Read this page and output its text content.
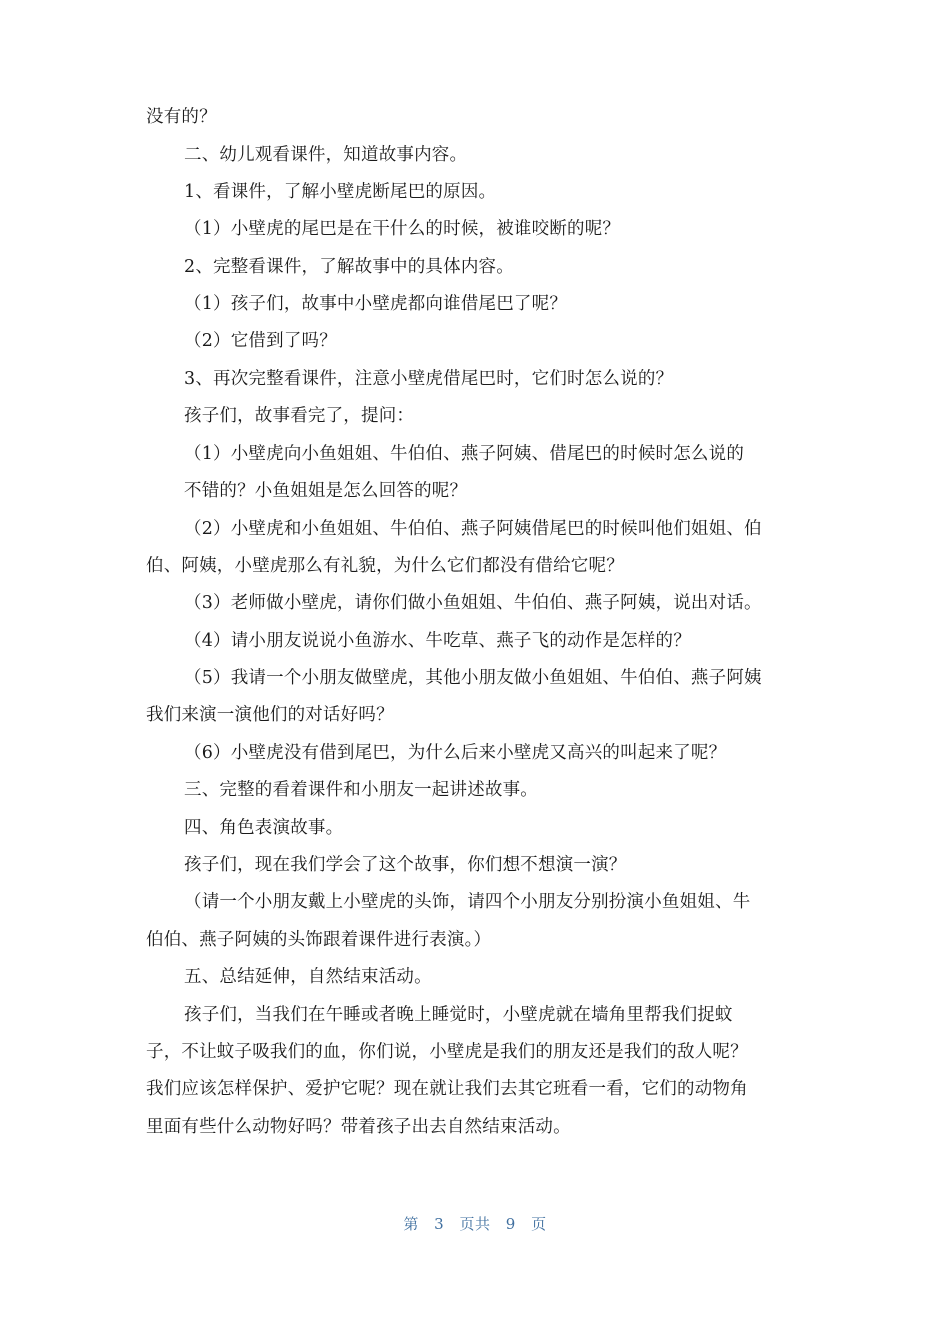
没有的？
二、幼儿观看课件，知道故事内容。
1、看课件，了解小壁虎断尾巴的原因。
（1）小壁虎的尾巴是在干什么的时候，被谁咬断的呢？
2、完整看课件，了解故事中的具体内容。
（1）孩子们，故事中小壁虎都向谁借尾巴了呢？
（2）它借到了吗？
3、再次完整看课件，注意小壁虎借尾巴时，它们时怎么说的？
孩子们，故事看完了，提问：
（1）小壁虎向小鱼姐姐、牛伯伯、燕子阿姨、借尾巴的时候时怎么说的
不错的？小鱼姐姐是怎么回答的呢？
（2）小壁虎和小鱼姐姐、牛伯伯、燕子阿姨借尾巴的时候叫他们姐姐、伯
伯、阿姨，小壁虎那么有礼貌，为什么它们都没有借给它呢？
（3）老师做小壁虎，请你们做小鱼姐姐、牛伯伯、燕子阿姨，说出对话。
（4）请小朋友说说小鱼游水、牛吃草、燕子飞的动作是怎样的？
（5）我请一个小朋友做壁虎，其他小朋友做小鱼姐姐、牛伯伯、燕子阿姨
我们来演一演他们的对话好吗？
（6）小壁虎没有借到尾巴，为什么后来小壁虎又高兴的叫起来了呢？
三、完整的看着课件和小朋友一起讲述故事。
四、角色表演故事。
孩子们，现在我们学会了这个故事，你们想不想演一演？
（请一个小朋友戴上小壁虎的头饰，请四个小朋友分别扮演小鱼姐姐、牛
伯伯、燕子阿姨的头饰跟着课件进行表演。）
五、总结延伸，自然结束活动。
孩子们，当我们在午睡或者晚上睡觉时，小壁虎就在墙角里帮我们捉蚊
子，不让蚊子吸我们的血，你们说，小壁虎是我们的朋友还是我们的敌人呢？
我们应该怎样保护、爱护它呢？现在就让我们去其它班看一看，它们的动物角
里面有些什么动物好吗？带着孩子出去自然结束活动。
第 3 页共 9 页
